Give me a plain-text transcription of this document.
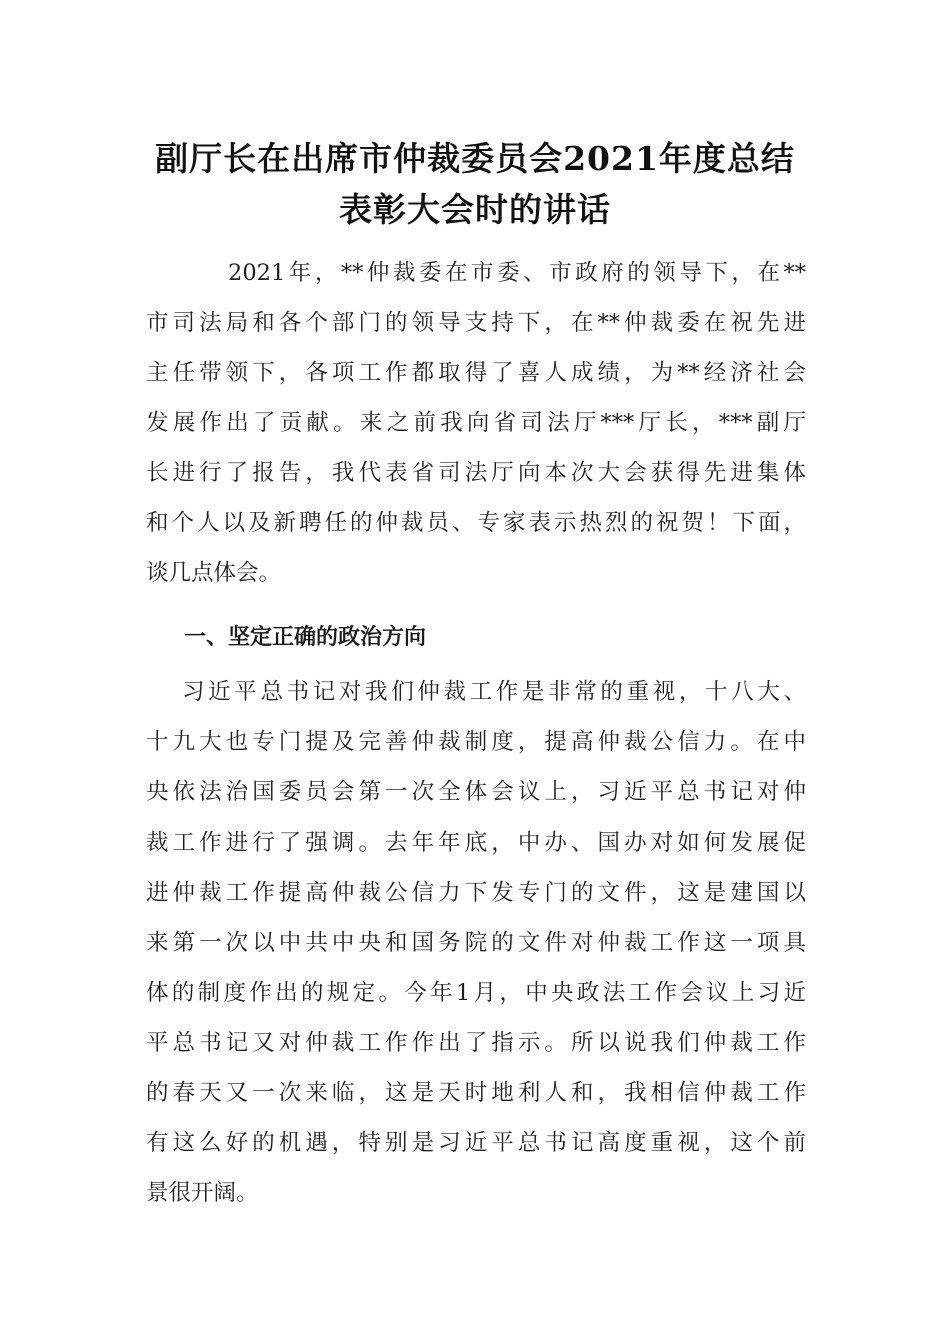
副厅长在出席市仲裁委员会2021年度总结
表彰大会时的讲话
2021年，**仲裁委在市委、市政府的领导下，在**
市司法局和各个部门的领导支持下，在**仲裁委在祝先进
主任带领下，各项工作都取得了喜人成绩，为**经济社会
发展作出了贡献。来之前我向省司法厅***厅长，***副厅
长进行了报告，我代表省司法厅向本次大会获得先进集体
和个人以及新聘任的仲裁员、专家表示热烈的祝贺！下面，
谈几点体会。
一、坚定正确的政治方向
习近平总书记对我们仲裁工作是非常的重视，十八大、
十九大也专门提及完善仲裁制度，提高仲裁公信力。在中
央依法治国委员会第一次全体会议上，习近平总书记对仲
裁工作进行了强调。去年年底，中办、国办对如何发展促
进仲裁工作提高仲裁公信力下发专门的文件，这是建国以
来第一次以中共中央和国务院的文件对仲裁工作这一项具
体的制度作出的规定。今年1月，中央政法工作会议上习近
平总书记又对仲裁工作作出了指示。所以说我们仲裁工作
的春天又一次来临，这是天时地利人和，我相信仲裁工作
有这么好的机遇，特别是习近平总书记高度重视，这个前
景很开阔。
